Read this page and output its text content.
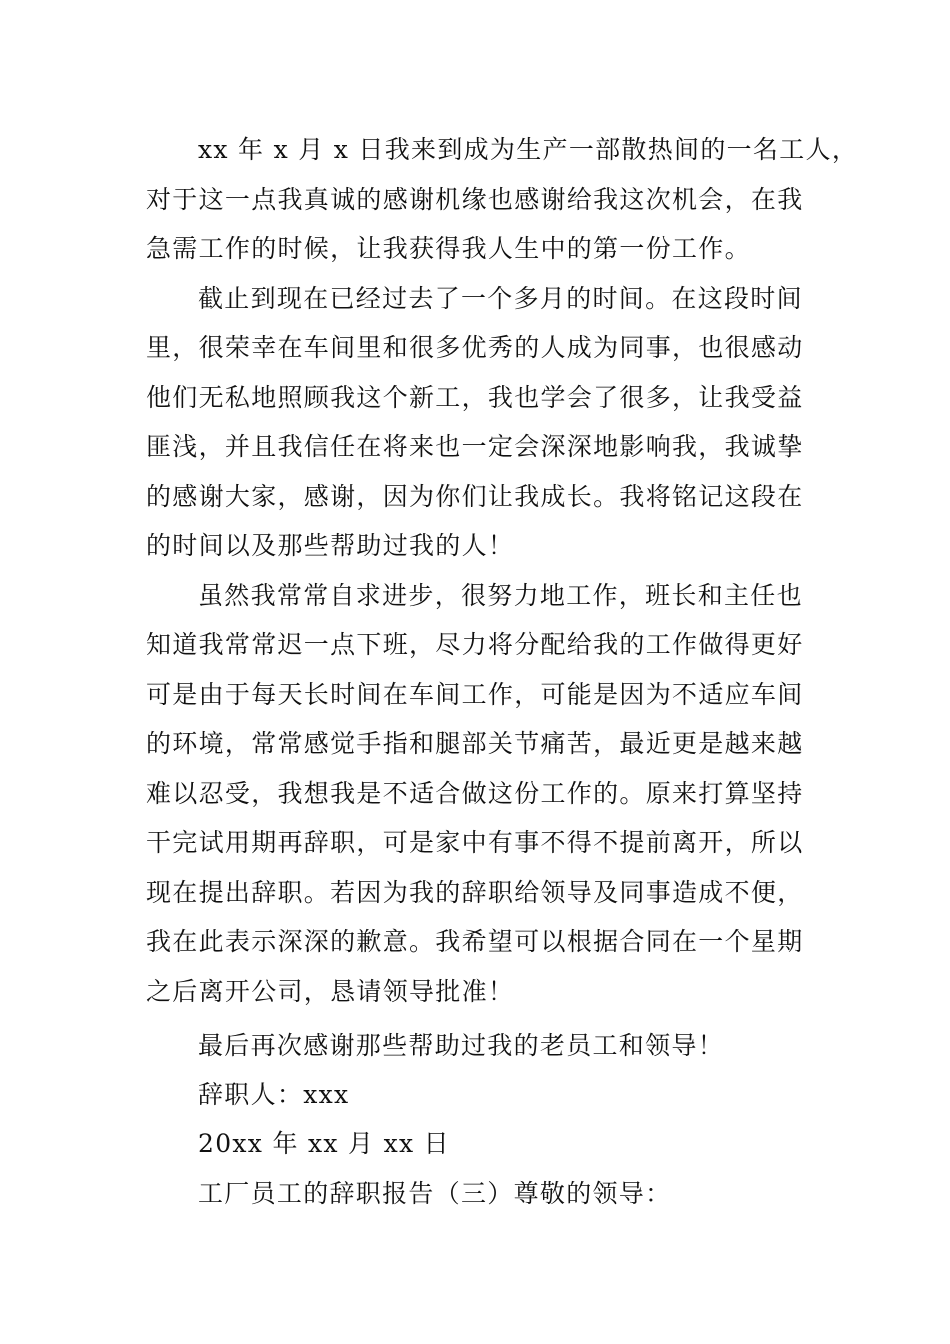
xx 年 x 月 x 日我来到成为生产一部散热间的一名工人，

对于这一点我真诚的感谢机缘也感谢给我这次机会，在我

急需工作的时候，让我获得我人生中的第一份工作。

截止到现在已经过去了一个多月的时间。在这段时间

里，很荣幸在车间里和很多优秀的人成为同事，也很感动

他们无私地照顾我这个新工，我也学会了很多，让我受益

匪浅，并且我信任在将来也一定会深深地影响我，我诚挚

的感谢大家，感谢，因为你们让我成长。我将铭记这段在

的时间以及那些帮助过我的人！

虽然我常常自求进步，很努力地工作，班长和主任也

知道我常常迟一点下班，尽力将分配给我的工作做得更好

可是由于每天长时间在车间工作，可能是因为不适应车间

的环境，常常感觉手指和腿部关节痛苦，最近更是越来越

难以忍受，我想我是不适合做这份工作的。原来打算坚持

干完试用期再辞职，可是家中有事不得不提前离开，所以

现在提出辞职。若因为我的辞职给领导及同事造成不便，

我在此表示深深的歉意。我希望可以根据合同在一个星期

之后离开公司，恳请领导批准！

最后再次感谢那些帮助过我的老员工和领导！

辞职人：xxx

20xx 年 xx 月 xx 日

工厂员工的辞职报告（三）尊敬的领导：
